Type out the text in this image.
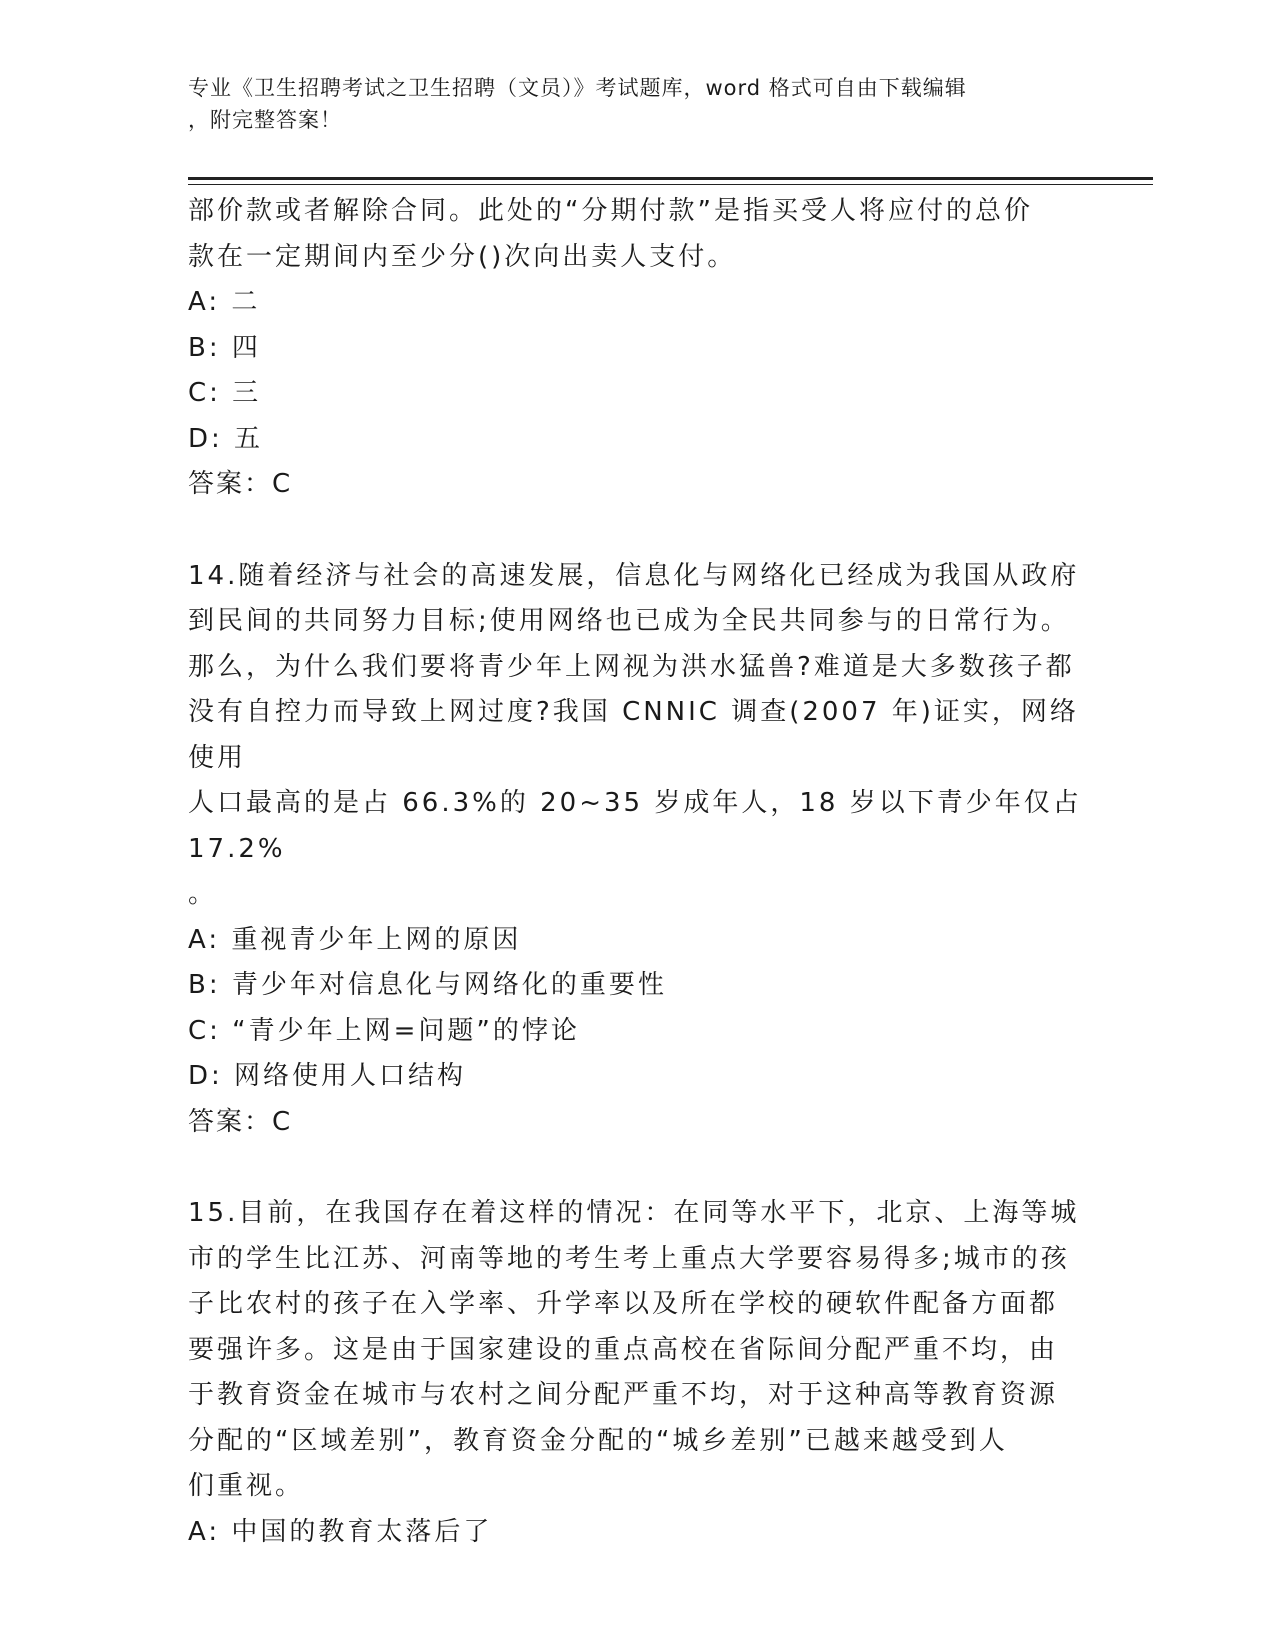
专业《卫生招聘考试之卫生招聘（文员）》考试题库，word 格式可自由下载编辑
，附完整答案！
部价款或者解除合同。此处的“分期付款”是指买受人将应付的总价
款在一定期间内至少分()次向出卖人支付。
A: 二
B: 四
C: 三
D: 五
答案：C
14.随着经济与社会的高速发展，信息化与网络化已经成为我国从政府
到民间的共同努力目标;使用网络也已成为全民共同参与的日常行为。
那么，为什么我们要将青少年上网视为洪水猛兽?难道是大多数孩子都
没有自控力而导致上网过度?我国 CNNIC 调查(2007 年)证实，网络使用
人口最高的是占 66.3%的 20~35 岁成年人，18 岁以下青少年仅占 17.2%
。
A: 重视青少年上网的原因
B: 青少年对信息化与网络化的重要性
C: “青少年上网=问题”的悖论
D: 网络使用人口结构
答案：C
15.目前，在我国存在着这样的情况：在同等水平下，北京、上海等城
市的学生比江苏、河南等地的考生考上重点大学要容易得多;城市的孩
子比农村的孩子在入学率、升学率以及所在学校的硬软件配备方面都
要强许多。这是由于国家建设的重点高校在省际间分配严重不均，由
于教育资金在城市与农村之间分配严重不均，对于这种高等教育资源
分配的“区域差别”，教育资金分配的“城乡差别”已越来越受到人
们重视。
A: 中国的教育太落后了
